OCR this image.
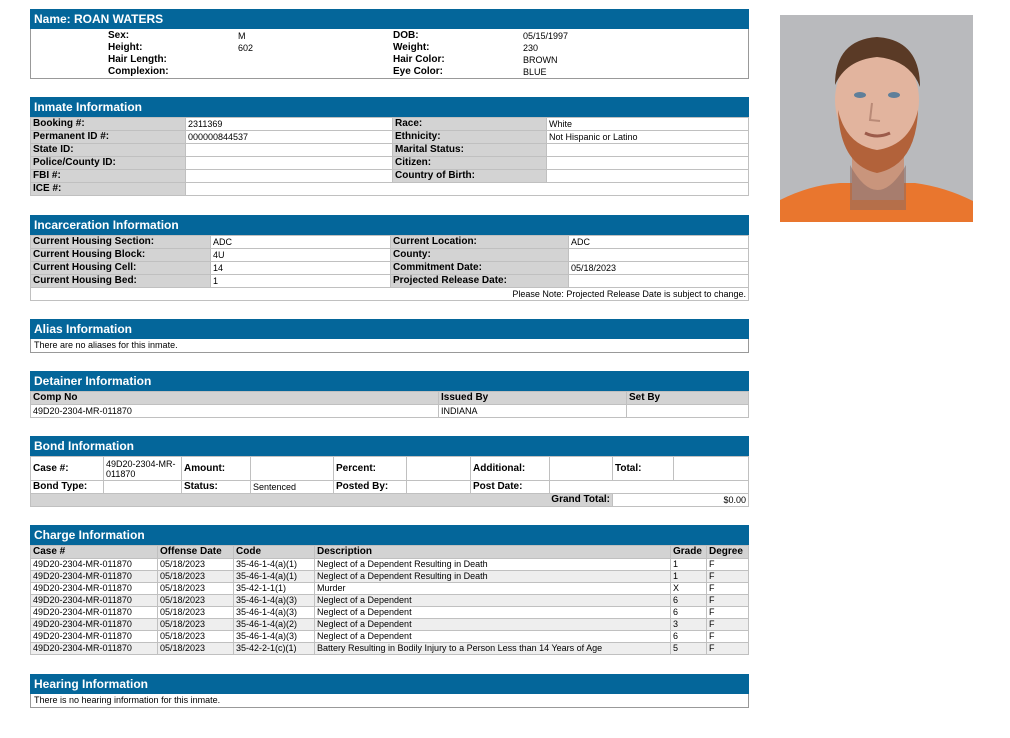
Name: ROAN WATERS
	Sex:	M	DOB:	05/15/1997	
	Height:	602	Weight:	230	
	Hair Length:		Hair Color:	BROWN	
	Complexion:		Eye Color:	BLUE	
Inmate Information
Booking #:	2311369	Race:	White
Permanent ID #:	000000844537	Ethnicity:	Not Hispanic or Latino
State ID:		Marital Status:	
Police/County ID:		Citizen:	
FBI #:		Country of Birth:	
ICE #:			
Incarceration Information
Current Housing Section:	ADC	Current Location:	ADC
Current Housing Block:	4U	County:	
Current Housing Cell:	14	Commitment Date:	05/18/2023
Current Housing Bed:	1	Projected Release Date:	
Please Note: Projected Release Date is subject to change.
Alias Information
There are no aliases for this inmate.
Detainer Information
Comp No	Issued By	Set By
49D20-2304-MR-011870	INDIANA	
Bond Information
Case #:	49D20-2304-MR-011870	Amount:		Percent:		Additional:		Total:	
Bond Type:		Status:	Sentenced	Posted By:		Post Date:			
Grand Total:								$0.00	
Charge Information
Case #	Offense Date	Code	Description	Grade	Degree
49D20-2304-MR-011870	05/18/2023	35-46-1-4(a)(1)	Neglect of a Dependent Resulting in Death	1	F
49D20-2304-MR-011870	05/18/2023	35-46-1-4(a)(1)	Neglect of a Dependent Resulting in Death	1	F
49D20-2304-MR-011870	05/18/2023	35-42-1-1(1)	Murder	X	F
49D20-2304-MR-011870	05/18/2023	35-46-1-4(a)(3)	Neglect of a Dependent	6	F
49D20-2304-MR-011870	05/18/2023	35-46-1-4(a)(3)	Neglect of a Dependent	6	F
49D20-2304-MR-011870	05/18/2023	35-46-1-4(a)(2)	Neglect of a Dependent	3	F
49D20-2304-MR-011870	05/18/2023	35-46-1-4(a)(3)	Neglect of a Dependent	6	F
49D20-2304-MR-011870	05/18/2023	35-42-2-1(c)(1)	Battery Resulting in Bodily Injury to a Person Less than 14 Years of Age	5	F
Hearing Information
There is no hearing information for this inmate.
